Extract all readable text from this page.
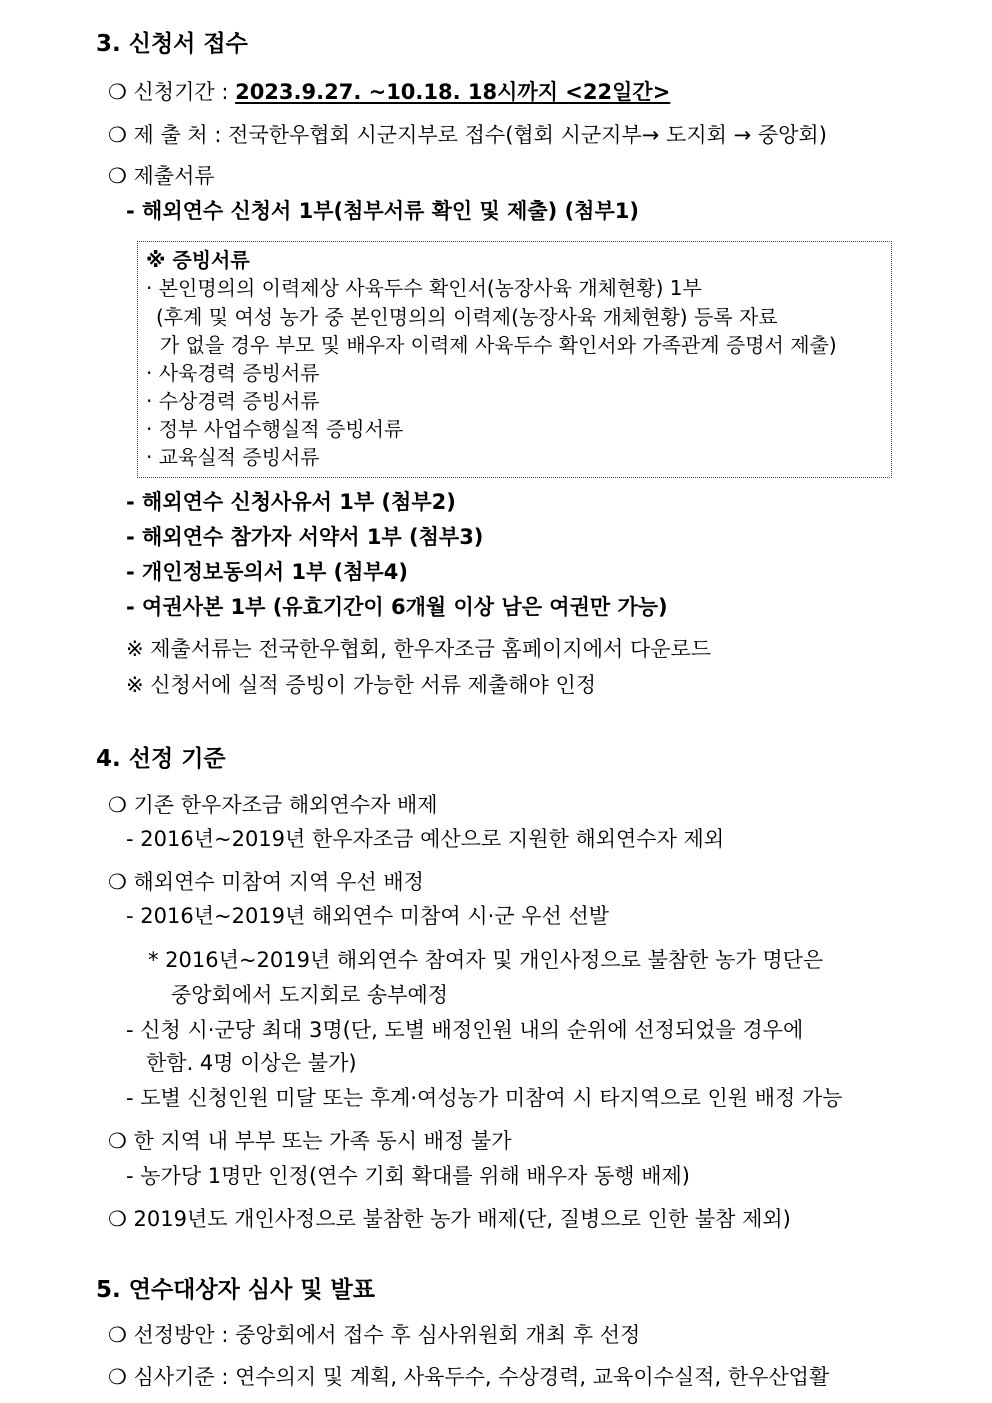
3. 신청서 접수
❍ 신청기간 : 2023.9.27. ~10.18. 18시까지 <22일간>
❍ 제 출 처 : 전국한우협회 시군지부로 접수(협회 시군지부→ 도지회 → 중앙회)
❍ 제출서류
- 해외연수 신청서 1부(첨부서류 확인 및 제출) (첨부1)
※ 증빙서류
· 본인명의의 이력제상 사육두수 확인서(농장사육 개체현황) 1부
(후계 및 여성 농가 중 본인명의의 이력제(농장사육 개체현황) 등록 자료
가 없을 경우 부모 및 배우자 이력제 사육두수 확인서와 가족관계 증명서 제출)
· 사육경력 증빙서류
· 수상경력 증빙서류
· 정부 사업수행실적 증빙서류
· 교육실적 증빙서류
- 해외연수 신청사유서 1부 (첨부2)
- 해외연수 참가자 서약서 1부 (첨부3)
- 개인정보동의서 1부 (첨부4)
- 여권사본 1부 (유효기간이 6개월 이상 남은 여권만 가능)
※ 제출서류는 전국한우협회, 한우자조금 홈페이지에서 다운로드
※ 신청서에 실적 증빙이 가능한 서류 제출해야 인정
4. 선정 기준
❍ 기존 한우자조금 해외연수자 배제
- 2016년~2019년 한우자조금 예산으로 지원한 해외연수자 제외
❍ 해외연수 미참여 지역 우선 배정
- 2016년~2019년 해외연수 미참여 시·군 우선 선발
* 2016년~2019년 해외연수 참여자 및 개인사정으로 불참한 농가 명단은
중앙회에서 도지회로 송부예정
- 신청 시·군당 최대 3명(단, 도별 배정인원 내의 순위에 선정되었을 경우에
한함. 4명 이상은 불가)
- 도별 신청인원 미달 또는 후계·여성농가 미참여 시 타지역으로 인원 배정 가능
❍ 한 지역 내 부부 또는 가족 동시 배정 불가
- 농가당 1명만 인정(연수 기회 확대를 위해 배우자 동행 배제)
❍ 2019년도 개인사정으로 불참한 농가 배제(단, 질병으로 인한 불참 제외)
5. 연수대상자 심사 및 발표
❍ 선정방안 : 중앙회에서 접수 후 심사위원회 개최 후 선정
❍ 심사기준 : 연수의지 및 계획, 사육두수, 수상경력, 교육이수실적, 한우산업활
